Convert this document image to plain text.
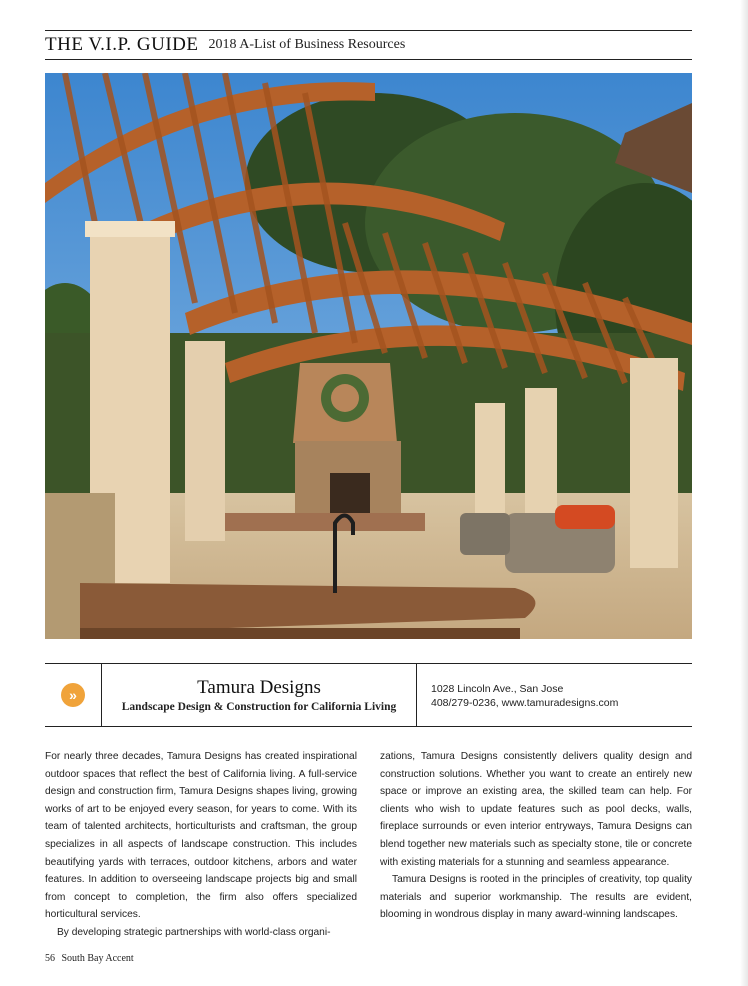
THE V.I.P. GUIDE 2018 A-List of Business Resources
»	Tamura Designs
Landscape Design & Construction for California Living
1028 Lincoln Ave., San Jose
408/279-0236, www.tamuradesigns.com

For nearly three decades, Tamura Designs has created inspirational outdoor spaces that reflect the best of California living. A full-service design and construction firm, Tamura Designs shapes living, growing works of art to be enjoyed every season, for years to come. With its team of talented architects, horticulturists and craftsman, the group specializes in all aspects of landscape construction. This includes beautifying yards with terraces, outdoor kitchens, arbors and water features. In addition to overseeing landscape projects big and small from concept to completion, the firm also offers specialized horticultural services.

By developing strategic partnerships with world-class organi-

zations, Tamura Designs consistently delivers quality design and construction solutions. Whether you want to create an entirely new space or improve an existing area, the skilled team can help. For clients who wish to update features such as pool decks, walls, fireplace surrounds or even interior entryways, Tamura Designs can blend together new materials such as specialty stone, tile or concrete with existing materials for a stunning and seamless appearance.

Tamura Designs is rooted in the principles of creativity, top quality materials and superior workmanship. The results are evident, blooming in wondrous display in many award-winning landscapes.

56 South Bay Accent
